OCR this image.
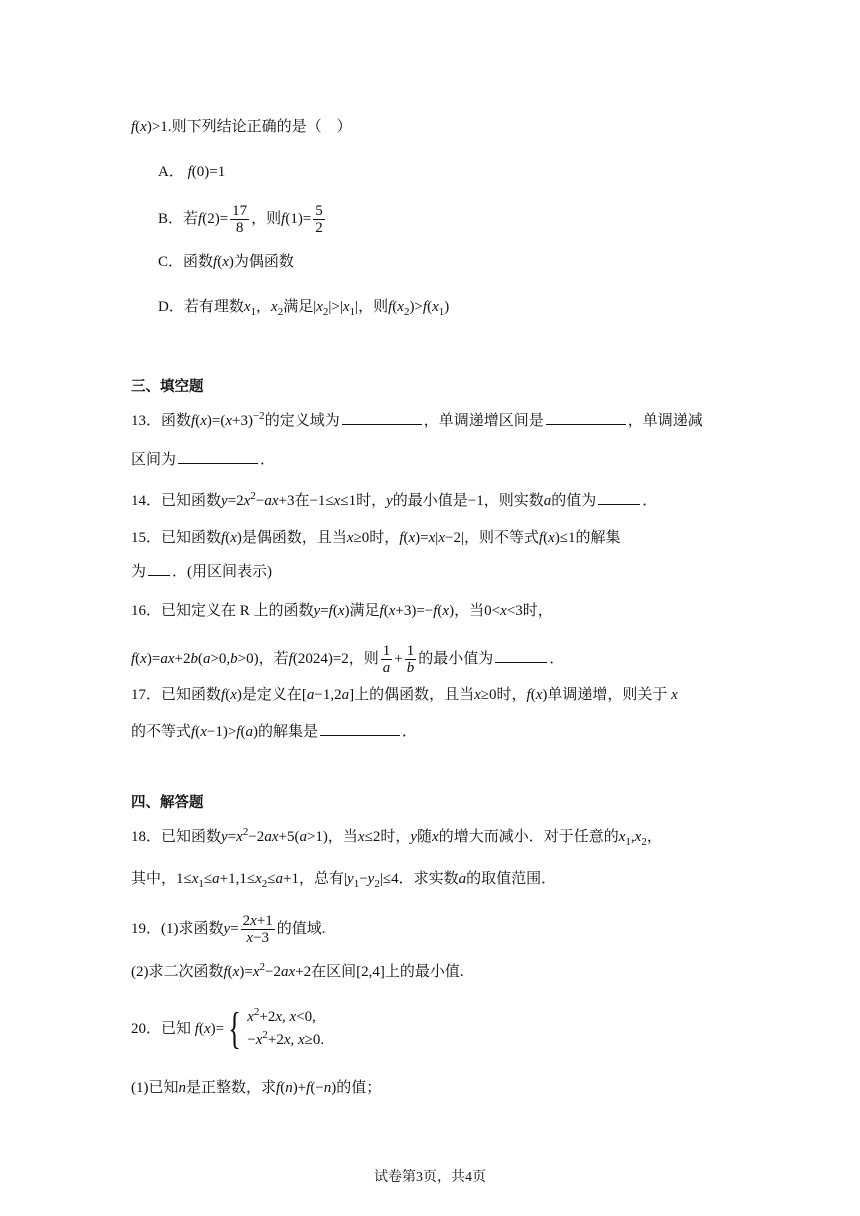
f(x)>1.则下列结论正确的是（　）
A． f(0)=1
B．若$f(2)= \frac{17}{8}$ ，则$f(1)= \frac{5}{2}$
C．函数f(x)为偶函数
D．若有理数$x_1$，$x_2$满足$|x_2|>|x_1|$，则$f(x_2)>f(x_1)$
三、填空题
13．函数$f(x)=(x+3)^{-2}$的定义域为	，单调递增区间是	，单调递减
区间为	．
14．已知函数$y=2x^2-ax+3$在−1≤x≤1时，y的最小值是−1，则实数a的值为	．
15．已知函数f(x)是偶函数，且当x≥0时，f(x)=x|x−2|，则不等式f(x)≤1的解集
为 ．(用区间表示)
16．已知定义在 R 上的函数y=f(x)满足f(x+3)=−f(x)，当0<x<3时，
f(x)=ax+2b(a>0,b>0)，若f(2024)=2，则 $\frac{1}{a} + \frac{1}{b}$ 的最小值为	．
17．已知函数f(x)是定义在[a−1,2a]上的偶函数，且当x≥0时，f(x)单调递增，则关于 x
的不等式f(x−1)>f(a)的解集是	．
四、解答题
18．已知函数$y=x^2-2ax+5(a>1)$，当x≤2时，y随x的增大而减小．对于任意的$x_1,x_2$，
其中，$1\le x_1\le a+1,1\le x_2\le a+1$，总有$|y_1-y_2|\le 4$．求实数a的取值范围．
19．(1)求函数$y= \frac{2x+1}{x-3}$ 的值域.
(2)求二次函数$f(x)=x^2-2ax+2$在区间[2,4]上的最小值.
20．已知 f(x)= { $x^2+2x$, x<0,
$-x^2+2x$, x≥0.
(1)已知n是正整数，求f(n)+f(−n)的值；
试卷第3页，共4页
